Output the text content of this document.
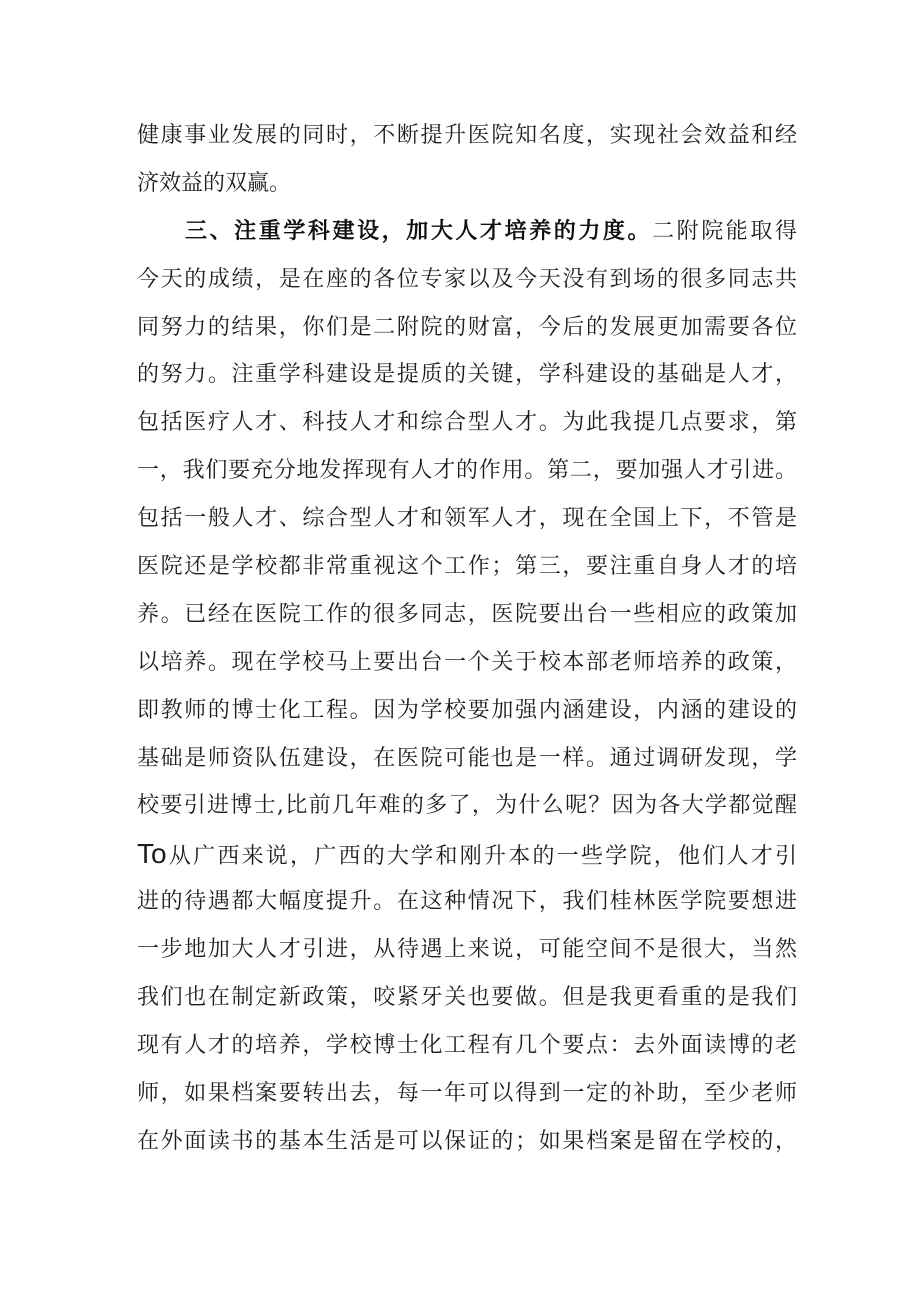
健康事业发展的同时，不断提升医院知名度，实现社会效益和经
济效益的双赢。
三、注重学科建设，加大人才培养的力度。二附院能取得
今天的成绩，是在座的各位专家以及今天没有到场的很多同志共
同努力的结果，你们是二附院的财富，今后的发展更加需要各位
的努力。注重学科建设是提质的关键，学科建设的基础是人才，
包括医疗人才、科技人才和综合型人才。为此我提几点要求，第
一，我们要充分地发挥现有人才的作用。第二，要加强人才引进。
包括一般人才、综合型人才和领军人才，现在全国上下，不管是
医院还是学校都非常重视这个工作；第三，要注重自身人才的培
养。已经在医院工作的很多同志，医院要出台一些相应的政策加
以培养。现在学校马上要出台一个关于校本部老师培养的政策，
即教师的博士化工程。因为学校要加强内涵建设，内涵的建设的
基础是师资队伍建设，在医院可能也是一样。通过调研发现，学
校要引进博士,比前几年难的多了，为什么呢？因为各大学都觉醒
To从广西来说，广西的大学和刚升本的一些学院，他们人才引
进的待遇都大幅度提升。在这种情况下，我们桂林医学院要想进
一步地加大人才引进，从待遇上来说，可能空间不是很大，当然
我们也在制定新政策，咬紧牙关也要做。但是我更看重的是我们
现有人才的培养，学校博士化工程有几个要点：去外面读博的老
师，如果档案要转出去，每一年可以得到一定的补助，至少老师
在外面读书的基本生活是可以保证的；如果档案是留在学校的，
